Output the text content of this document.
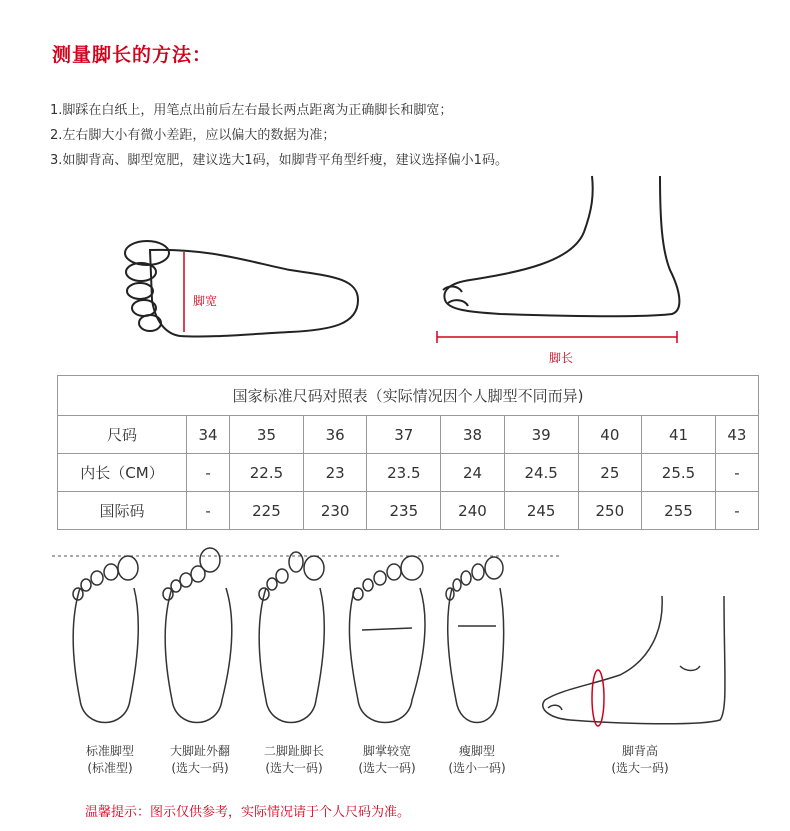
测量脚长的方法：
1.脚踩在白纸上，用笔点出前后左右最长两点距离为正确脚长和脚宽；
2.左右脚大小有微小差距，应以偏大的数据为准；
3.如脚背高、脚型宽肥，建议选大1码，如脚背平角型纤瘦，建议选择偏小1码。
脚宽
脚长
国家标准尺码对照表（实际情况因个人脚型不同而异)									
尺码	34	35	36	37	38	39	40	41	43
内长（CM）	-	22.5	23	23.5	24	24.5	25	25.5	-
国际码	-	225	230	235	240	245	250	255	-
标准脚型
(标准型)
大脚趾外翻
(选大一码)
二脚趾脚长
(选大一码)
脚掌较宽
(选大一码)
瘦脚型
(选小一码)
脚背高
(选大一码)
温馨提示：图示仅供参考，实际情况请于个人尺码为准。
